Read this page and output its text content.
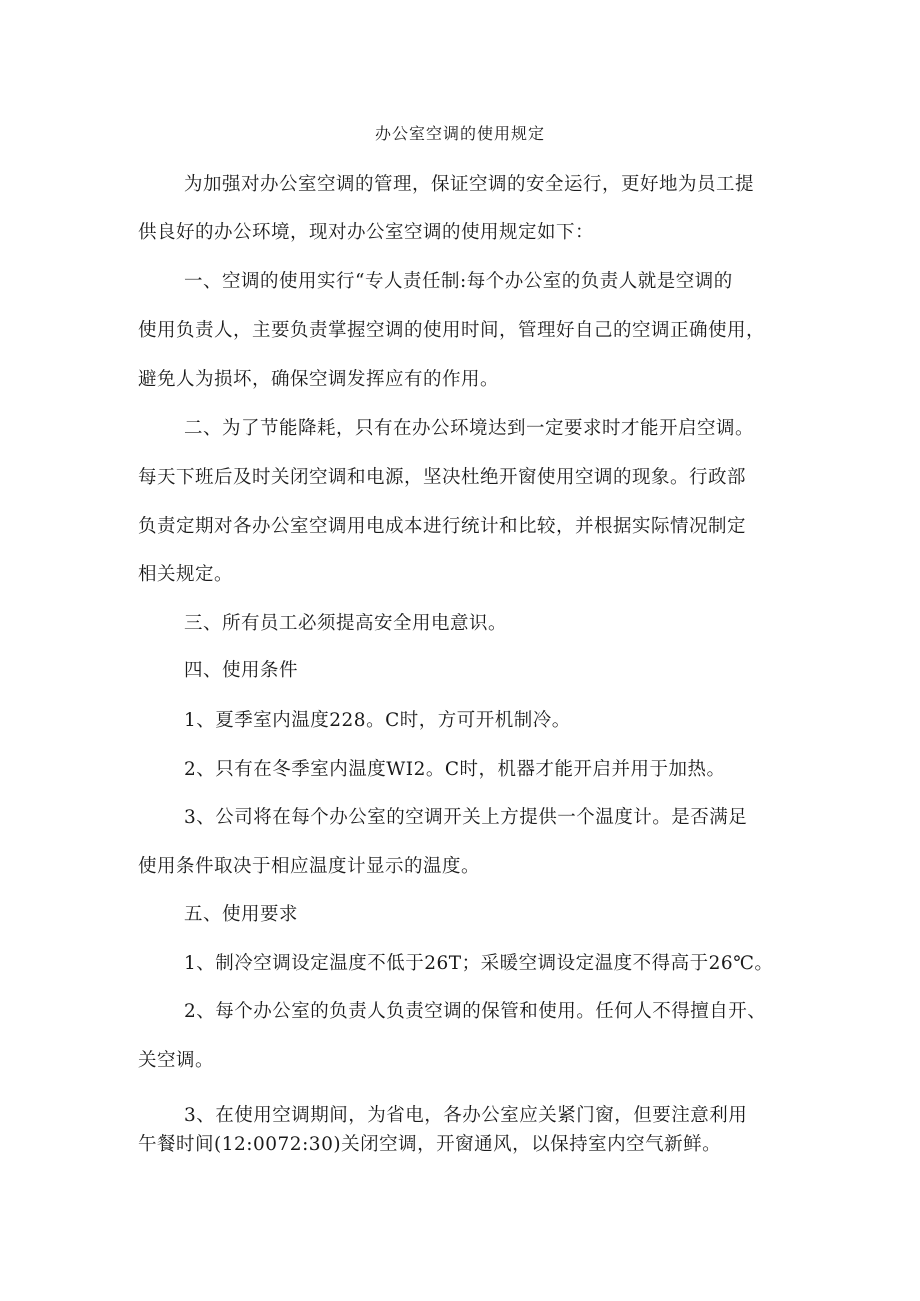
办公室空调的使用规定
为加强对办公室空调的管理，保证空调的安全运行，更好地为员工提
供良好的办公环境，现对办公室空调的使用规定如下：
一、空调的使用实行“专人责任制:每个办公室的负责人就是空调的
使用负责人，主要负责掌握空调的使用时间，管理好自己的空调正确使用，
避免人为损坏，确保空调发挥应有的作用。
二、为了节能降耗，只有在办公环境达到一定要求时才能开启空调。
每天下班后及时关闭空调和电源，坚决杜绝开窗使用空调的现象。行政部
负责定期对各办公室空调用电成本进行统计和比较，并根据实际情况制定
相关规定。
三、所有员工必须提高安全用电意识。
四、使用条件
1、夏季室内温度228。C时，方可开机制冷。
2、只有在冬季室内温度WI2。C时，机器才能开启并用于加热。
3、公司将在每个办公室的空调开关上方提供一个温度计。是否满足
使用条件取决于相应温度计显示的温度。
五、使用要求
1、制冷空调设定温度不低于26T；采暖空调设定温度不得高于26℃。
2、每个办公室的负责人负责空调的保管和使用。任何人不得擅自开、
关空调。
3、在使用空调期间，为省电，各办公室应关紧门窗，但要注意利用
午餐时间(12:0072:30)关闭空调，开窗通风，以保持室内空气新鲜。
